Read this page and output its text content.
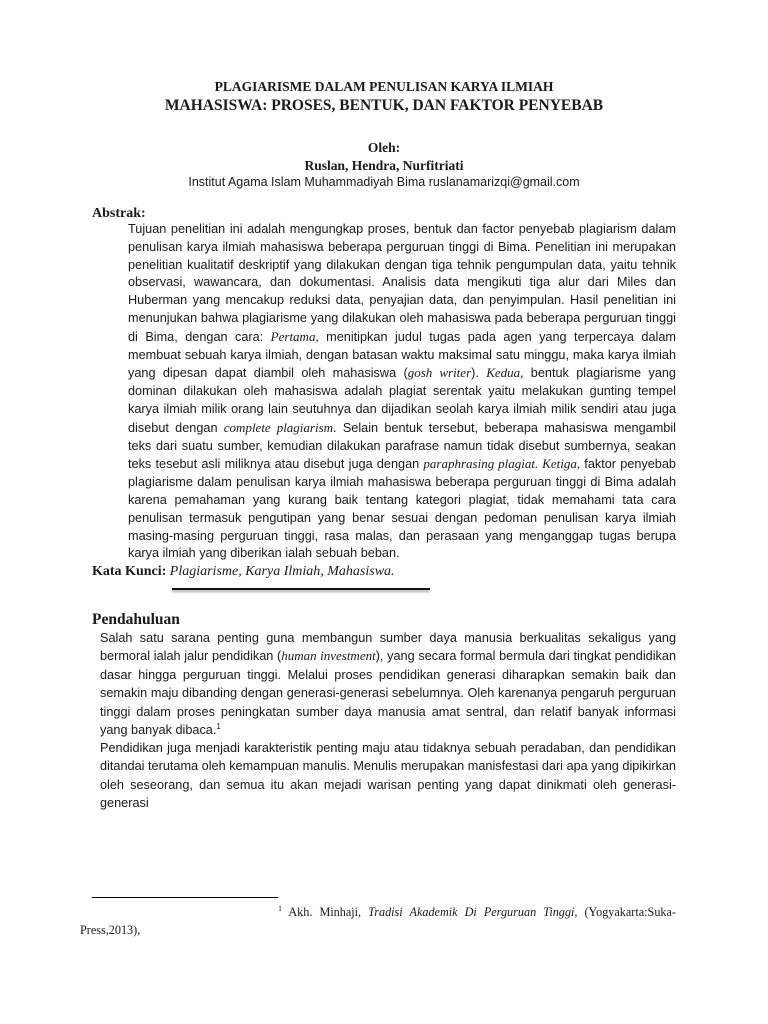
PLAGIARISME DALAM PENULISAN KARYA ILMIAH
MAHASISWA: PROSES, BENTUK, DAN FAKTOR PENYEBAB
Oleh:
Ruslan, Hendra, Nurfitriati
Institut Agama Islam Muhammadiyah Bima ruslanamarizqi@gmail.com
Abstrak:
Tujuan penelitian ini adalah mengungkap proses, bentuk dan factor penyebab plagiarism dalam penulisan karya ilmiah mahasiswa beberapa perguruan tinggi di Bima. Penelitian ini merupakan penelitian kualitatif deskriptif yang dilakukan dengan tiga tehnik pengumpulan data, yaitu tehnik observasi, wawancara, dan dokumentasi. Analisis data mengikuti tiga alur dari Miles dan Huberman yang mencakup reduksi data, penyajian data, dan penyimpulan. Hasil penelitian ini menunjukan bahwa plagiarisme yang dilakukan oleh mahasiswa pada beberapa perguruan tinggi di Bima, dengan cara: Pertama, menitipkan judul tugas pada agen yang terpercaya dalam membuat sebuah karya ilmiah, dengan batasan waktu maksimal satu minggu, maka karya ilmiah yang dipesan dapat diambil oleh mahasiswa (gosh writer). Kedua, bentuk plagiarisme yang dominan dilakukan oleh mahasiswa adalah plagiat serentak yaitu melakukan gunting tempel karya ilmiah milik orang lain seutuhnya dan dijadikan seolah karya ilmiah milik sendiri atau juga disebut dengan complete plagiarism. Selain bentuk tersebut, beberapa mahasiswa mengambil teks dari suatu sumber, kemudian dilakukan parafrase namun tidak disebut sumbernya, seakan teks tesebut asli miliknya atau disebut juga dengan paraphrasing plagiat. Ketiga, faktor penyebab plagiarisme dalam penulisan karya ilmiah mahasiswa beberapa perguruan tinggi di Bima adalah karena pemahaman yang kurang baik tentang kategori plagiat, tidak memahami tata cara penulisan termasuk pengutipan yang benar sesuai dengan pedoman penulisan karya ilmiah masing-masing perguruan tinggi, rasa malas, dan perasaan yang menganggap tugas berupa karya ilmiah yang diberikan ialah sebuah beban.
Kata Kunci: Plagiarisme, Karya Ilmiah, Mahasiswa.
Pendahuluan
Salah satu sarana penting guna membangun sumber daya manusia berkualitas sekaligus yang bermoral ialah jalur pendidikan (human investment), yang secara formal bermula dari tingkat pendidikan dasar hingga perguruan tinggi. Melalui proses pendidikan generasi diharapkan semakin baik dan semakin maju dibanding dengan generasi-generasi sebelumnya. Oleh karenanya pengaruh perguruan tinggi dalam proses peningkatan sumber daya manusia amat sentral, dan relatif banyak informasi yang banyak dibaca.$^1$
Pendidikan juga menjadi karakteristik penting maju atau tidaknya sebuah peradaban, dan pendidikan ditandai terutama oleh kemampuan manulis. Menulis merupakan manisfestasi dari apa yang dipikirkan oleh seseorang, dan semua itu akan mejadi warisan penting yang dapat dinikmati oleh generasi-generasi
$^1$ Akh. Minhaji, Tradisi Akademik Di Perguruan Tinggi, (Yogyakarta:Suka-Press,2013),
